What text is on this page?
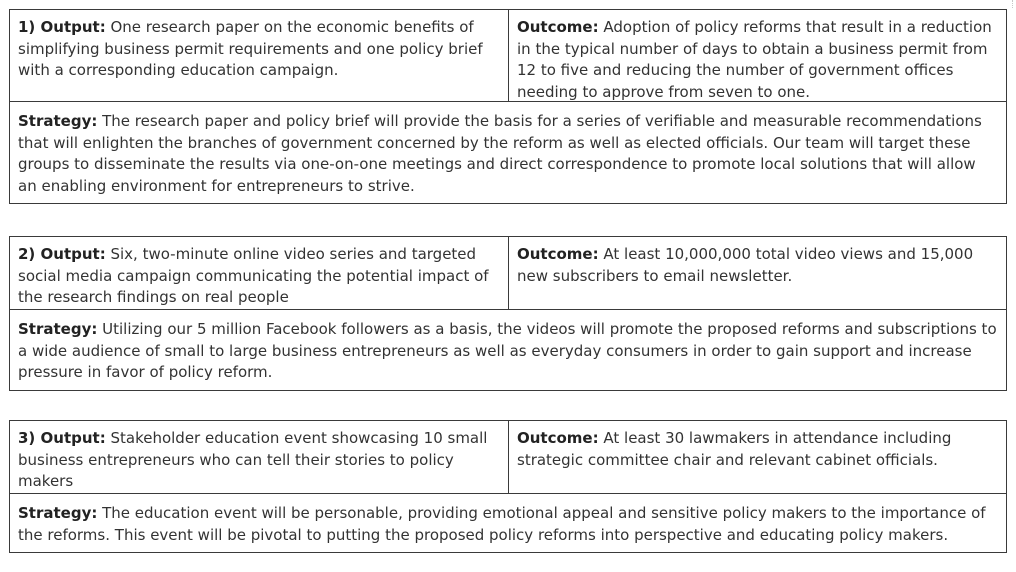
1) Output: One research paper on the economic benefits of simplifying business permit requirements and one policy brief with a corresponding education campaign.
Outcome: Adoption of policy reforms that result in a reduction in the typical number of days to obtain a business permit from 12 to five and reducing the number of government offices needing to approve from seven to one.
Strategy: The research paper and policy brief will provide the basis for a series of verifiable and measurable recommendations that will enlighten the branches of government concerned by the reform as well as elected officials. Our team will target these groups to disseminate the results via one-on-one meetings and direct correspondence to promote local solutions that will allow an enabling environment for entrepreneurs to strive.
2) Output: Six, two-minute online video series and targeted social media campaign communicating the potential impact of the research findings on real people
Outcome: At least 10,000,000 total video views and 15,000 new subscribers to email newsletter.
Strategy: Utilizing our 5 million Facebook followers as a basis, the videos will promote the proposed reforms and subscriptions to a wide audience of small to large business entrepreneurs as well as everyday consumers in order to gain support and increase pressure in favor of policy reform.
3) Output: Stakeholder education event showcasing 10 small business entrepreneurs who can tell their stories to policy makers
Outcome: At least 30 lawmakers in attendance including strategic committee chair and relevant cabinet officials.
Strategy: The education event will be personable, providing emotional appeal and sensitive policy makers to the importance of the reforms. This event will be pivotal to putting the proposed policy reforms into perspective and educating policy makers.
